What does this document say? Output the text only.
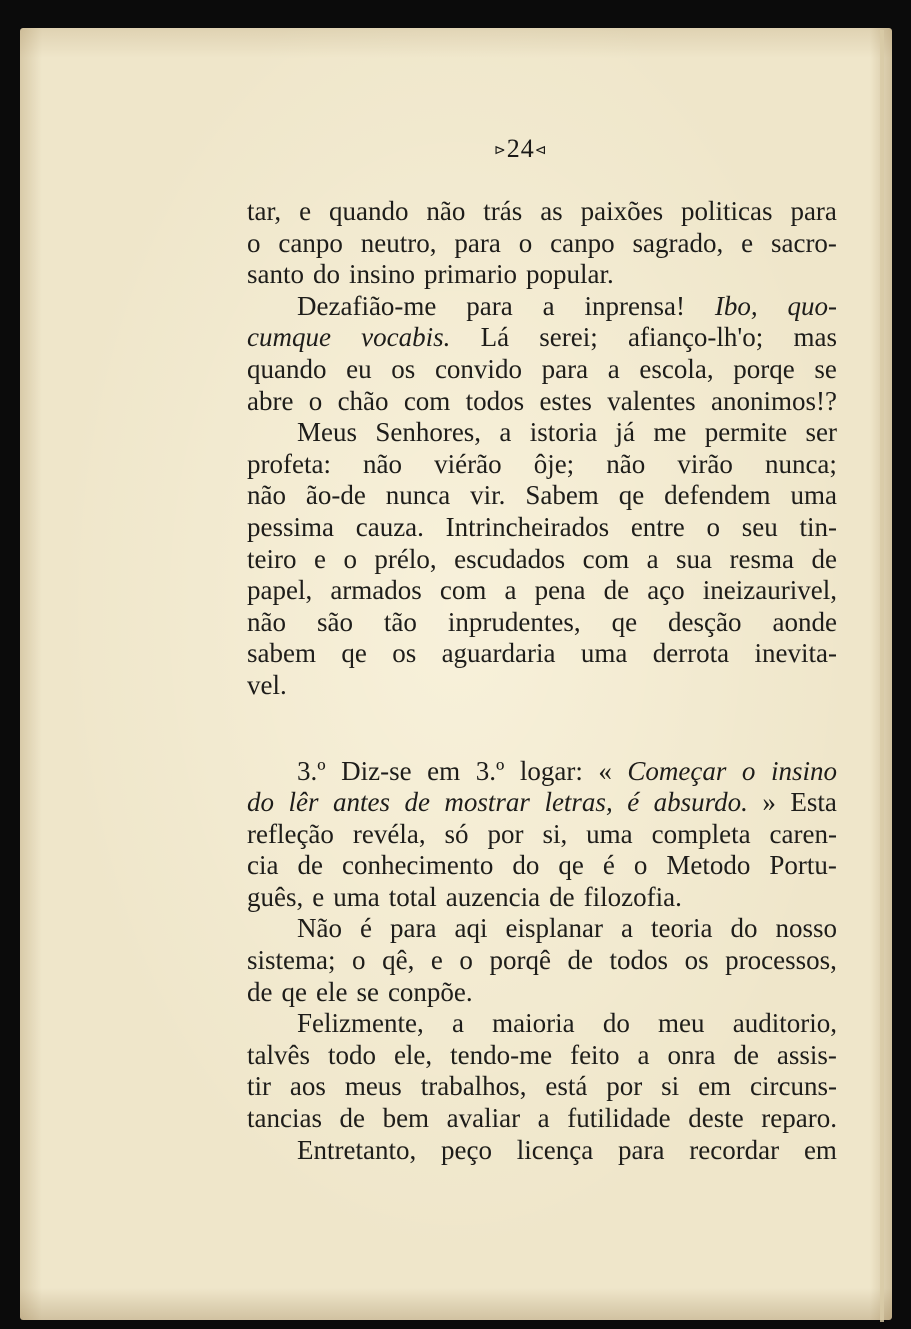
⊳24⊲
tar, e quando não trás as paixões politicas para
o canpo neutro, para o canpo sagrado, e sacro-
santo do insino primario popular.
Dezafião-me para a inprensa! Ibo, quo-
cumque vocabis. Lá serei; afianço-lh'o; mas
quando eu os convido para a escola, porqe se
abre o chão com todos estes valentes anonimos!?
Meus Senhores, a istoria já me permite ser
profeta: não viérão ôje; não virão nunca;
não ão-de nunca vir. Sabem qe defendem uma
pessima cauza. Intrincheirados entre o seu tin-
teiro e o prélo, escudados com a sua resma de
papel, armados com a pena de aço ineizaurivel,
não são tão inprudentes, qe desção aonde
sabem qe os aguardaria uma derrota inevita-
vel.
3.º Diz-se em 3.º logar: « Começar o insino
do lêr antes de mostrar letras, é absurdo. » Esta
refleção revéla, só por si, uma completa caren-
cia de conhecimento do qe é o Metodo Portu-
guês, e uma total auzencia de filozofia.
Não é para aqi eisplanar a teoria do nosso
sistema; o qê, e o porqê de todos os processos,
de qe ele se conpõe.
Felizmente, a maioria do meu auditorio,
talvês todo ele, tendo-me feito a onra de assis-
tir aos meus trabalhos, está por si em circuns-
tancias de bem avaliar a futilidade deste reparo.
Entretanto, peço licença para recordar em
